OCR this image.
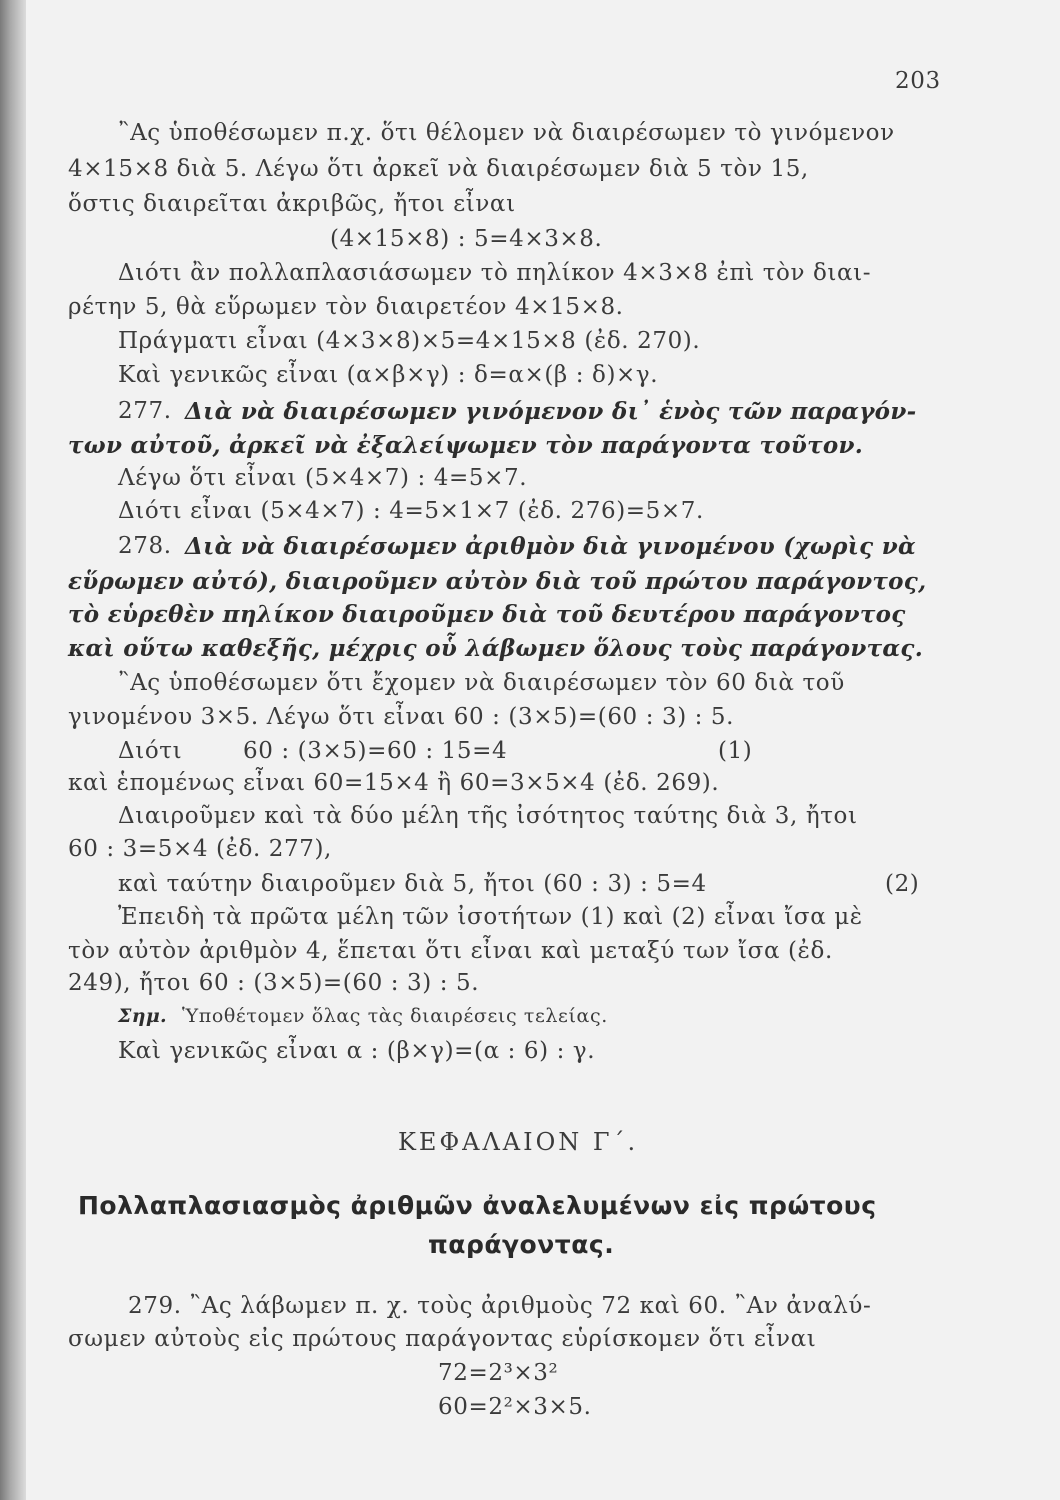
203
῍Ας ὑποθέσωμεν π.χ. ὅτι θέλομεν νὰ διαιρέσωμεν τὸ γινόμενον
4×15×8 διὰ 5. Λέγω ὅτι ἀρκεῖ νὰ διαιρέσωμεν διὰ 5 τὸν 15,
ὅστις διαιρεῖται ἀκριβῶς, ἤτοι εἶναι
(4×15×8) : 5=4×3×8.
Διότι ἂν πολλαπλασιάσωμεν τὸ πηλίκον 4×3×8 ἐπὶ τὸν διαι-
ρέτην 5, θὰ εὕρωμεν τὸν διαιρετέον 4×15×8.
Πράγματι εἶναι (4×3×8)×5=4×15×8 (ἐδ. 270).
Καὶ γενικῶς εἶναι (α×β×γ) : δ=α×(β : δ)×γ.
277. Διὰ νὰ διαιρέσωμεν γινόμενον δι᾽ ἑνὸς τῶν παραγόν-
των αὐτοῦ, ἀρκεῖ νὰ ἐξαλείψωμεν τὸν παράγοντα τοῦτον.
Λέγω ὅτι εἶναι (5×4×7) : 4=5×7.
Διότι εἶναι (5×4×7) : 4=5×1×7 (ἐδ. 276)=5×7.
278. Διὰ νὰ διαιρέσωμεν ἀριθμὸν διὰ γινομένου (χωρὶς νὰ
εὕρωμεν αὐτό), διαιροῦμεν αὐτὸν διὰ τοῦ πρώτου παράγοντος,
τὸ εὑρεθὲν πηλίκον διαιροῦμεν διὰ τοῦ δευτέρου παράγοντος
καὶ οὕτω καθεξῆς, μέχρις οὗ λάβωμεν ὅλους τοὺς παράγοντας.
῍Ας ὑποθέσωμεν ὅτι ἔχομεν νὰ διαιρέσωμεν τὸν 60 διὰ τοῦ
γινομένου 3×5. Λέγω ὅτι εἶναι 60 : (3×5)=(60 : 3) : 5.
Διότι	60 : (3×5)=60 : 15=4	(1)
καὶ ἑπομένως εἶναι 60=15×4 ἢ 60=3×5×4 (ἐδ. 269).
Διαιροῦμεν καὶ τὰ δύο μέλη τῆς ἰσότητος ταύτης διὰ 3, ἤτοι
60 : 3=5×4 (ἐδ. 277),
καὶ ταύτην διαιροῦμεν διὰ 5, ἤτοι (60 : 3) : 5=4	(2)
Ἐπειδὴ τὰ πρῶτα μέλη τῶν ἰσοτήτων (1) καὶ (2) εἶναι ἴσα μὲ
τὸν αὐτὸν ἀριθμὸν 4, ἕπεται ὅτι εἶναι καὶ μεταξύ των ἴσα (ἐδ.
249), ἤτοι 60 : (3×5)=(60 : 3) : 5.
Σημ. Ὑποθέτομεν ὅλας τὰς διαιρέσεις τελείας.
Καὶ γενικῶς εἶναι α : (β×γ)=(α : 6) : γ.
ΚΕΦΑΛΑΙΟΝ Γ΄.
Πολλαπλασιασμὸς ἀριθμῶν ἀναλελυμένων εἰς πρώτους
παράγοντας.
279. ῍Ας λάβωμεν π. χ. τοὺς ἀριθμοὺς 72 καὶ 60. ῍Αν ἀναλύ-
σωμεν αὐτοὺς εἰς πρώτους παράγοντας εὑρίσκομεν ὅτι εἶναι
72=2³×3²
60=2²×3×5.
